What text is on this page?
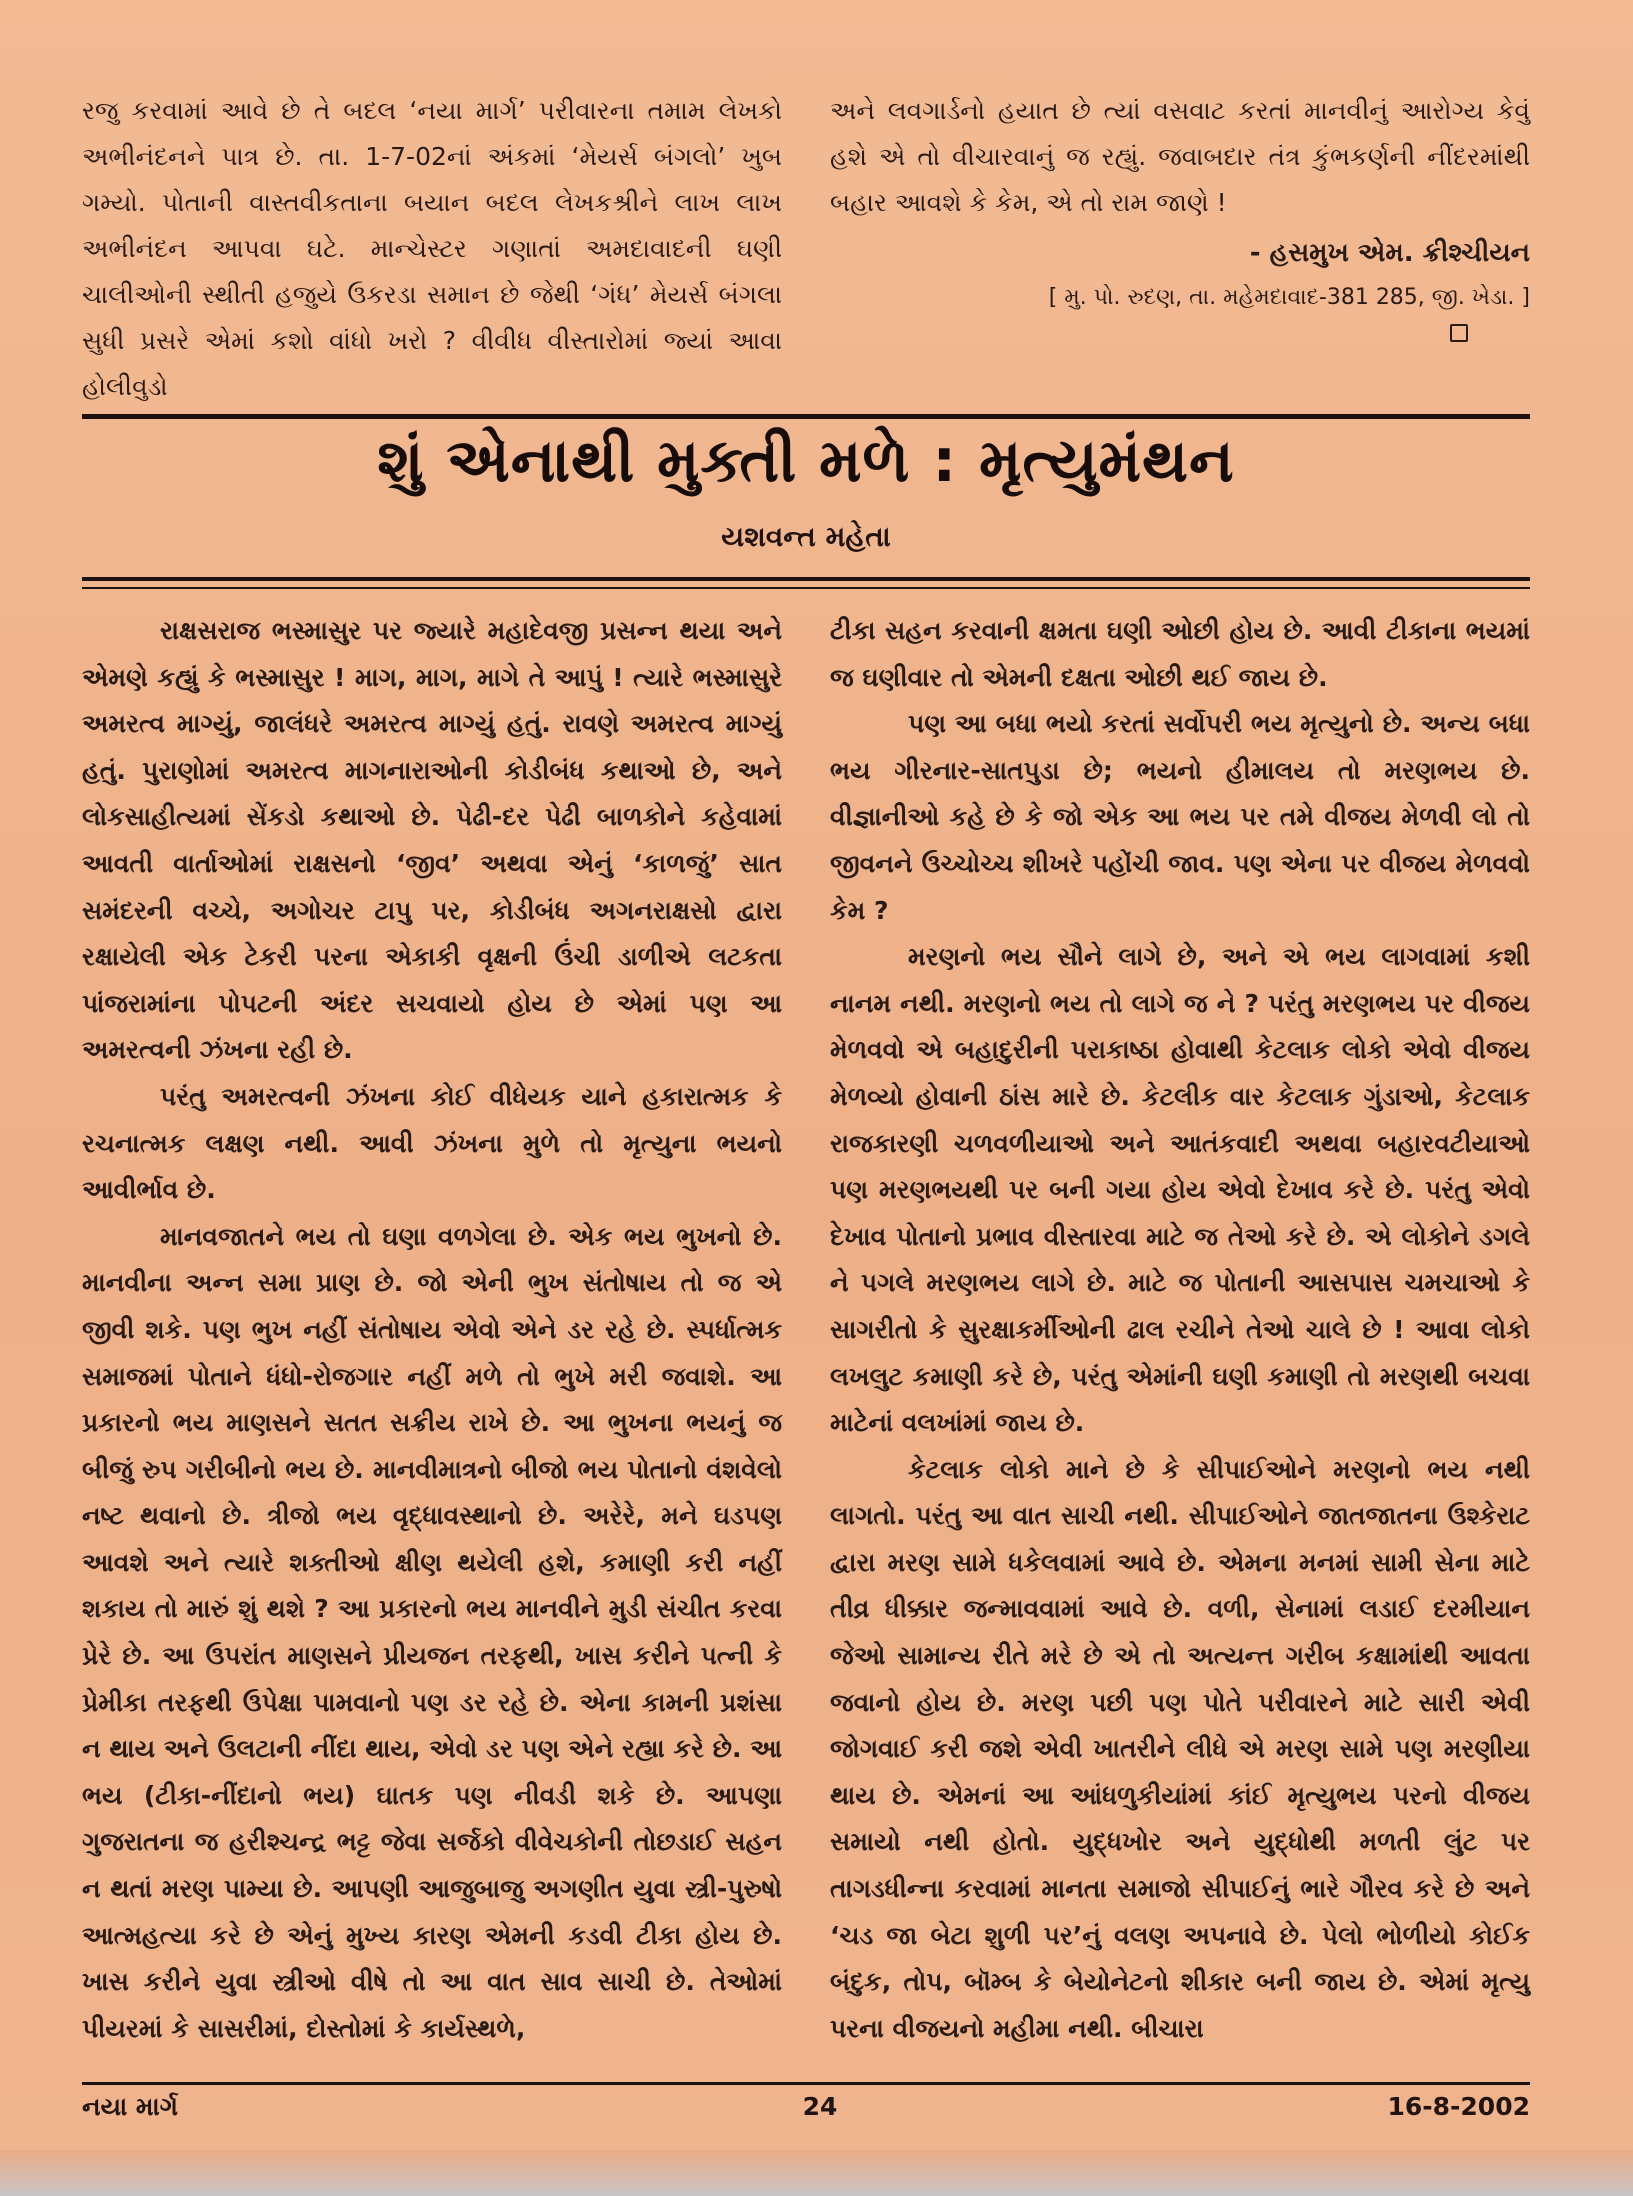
રજુ કરવામાં આવે છે તે બદલ ‘નયા માર્ગ’ પરીવારના તમામ લેખકો અભીનંદનને પાત્ર છે. તા. 1-7-02નાં અંકમાં ‘મેયર્સ બંગલો’ ખુબ ગમ્યો. પોતાની વાસ્તવીકતાના બયાન બદલ લેખકશ્રીને લાખ લાખ અભીનંદન આપવા ઘટે. માન્ચેસ્ટર ગણાતાં અમદાવાદની ઘણી ચાલીઓની સ્થીતી હજુયે ઉકરડા સમાન છે જેથી ‘ગંધ’ મેયર્સ બંગલા સુધી પ્રસરે એમાં કશો વાંધો ખરો ? વીવીધ વીસ્તારોમાં જ્યાં આવા હોલીવુડો

અને લવગાર્ડનો હયાત છે ત્યાં વસવાટ કરતાં માનવીનું આરોગ્ય કેવું હશે એ તો વીચારવાનું જ રહ્યું. જવાબદાર તંત્ર કુંભકર્ણની નીંદરમાંથી બહાર આવશે કે કેમ, એ તો રામ જાણે !

- હસમુખ એમ. ક્રીશ્ચીયન
[ મુ. પો. રુદણ, તા. મહેમદાવાદ-381 285, જી. ખેડા. ]
શું એનાથી મુક્તી મળે : મૃત્યુમંથન
યશવન્ત મહેતા

રાક્ષસરાજ ભસ્માસુર પર જ્યારે મહાદેવજી પ્રસન્ન થયા અને એમણે કહ્યું કે ભસ્માસુર ! માગ, માગ, માગે તે આપું ! ત્યારે ભસ્માસુરે અમરત્વ માગ્યું, જાલંધરે અમરત્વ માગ્યું હતું. રાવણે અમરત્વ માગ્યું હતું. પુરાણોમાં અમરત્વ માગનારાઓની કોડીબંધ કથાઓ છે, અને લોકસાહીત્યમાં સેંકડો કથાઓ છે. પેઢી-દર પેઢી બાળકોને કહેવામાં આવતી વાર્તાઓમાં રાક્ષસનો ‘જીવ’ અથવા એનું ‘કાળજું’ સાત સમંદરની વચ્ચે, અગોચર ટાપુ પર, કોડીબંધ અગનરાક્ષસો દ્વારા રક્ષાયેલી એક ટેકરી પરના એકાકી વૃક્ષની ઉંચી ડાળીએ લટકતા પાંજરામાંના પોપટની અંદર સચવાયો હોય છે એમાં પણ આ અમરત્વની ઝંખના રહી છે.

પરંતુ અમરત્વની ઝંખના કોઈ વીધેયક યાને હકારાત્મક કે રચનાત્મક લક્ષણ નથી. આવી ઝંખના મુળે તો મૃત્યુના ભયનો આવીર્ભાવ છે.

માનવજાતને ભય તો ઘણા વળગેલા છે. એક ભય ભુખનો છે. માનવીના અન્ન સમા પ્રાણ છે. જો એની ભુખ સંતોષાય તો જ એ જીવી શકે. પણ ભુખ નહીં સંતોષાય એવો એને ડર રહે છે. સ્પર્ધાત્મક સમાજમાં પોતાને ધંધો-રોજગાર નહીં મળે તો ભુખે મરી જવાશે. આ પ્રકારનો ભય માણસને સતત સક્રીય રાખે છે. આ ભુખના ભયનું જ બીજું રુપ ગરીબીનો ભય છે. માનવીમાત્રનો બીજો ભય પોતાનો વંશવેલો નષ્ટ થવાનો છે. ત્રીજો ભય વૃદ્ધાવસ્થાનો છે. અરેરે, મને ઘડપણ આવશે અને ત્યારે શક્તીઓ ક્ષીણ થયેલી હશે, કમાણી કરી નહીં શકાય તો મારું શું થશે ? આ પ્રકારનો ભય માનવીને મુડી સંચીત કરવા પ્રેરે છે. આ ઉપરાંત માણસને પ્રીયજન તરફથી, ખાસ કરીને પત્ની કે પ્રેમીકા તરફથી ઉપેક્ષા પામવાનો પણ ડર રહે છે. એના કામની પ્રશંસા ન થાય અને ઉલટાની નીંદા થાય, એવો ડર પણ એને રહ્યા કરે છે. આ ભય (ટીકા-નીંદાનો ભય) ઘાતક પણ નીવડી શકે છે. આપણા ગુજરાતના જ હરીશ્ચન્દ્ર ભટ્ટ જેવા સર્જકો વીવેચકોની તોછડાઈ સહન ન થતાં મરણ પામ્યા છે. આપણી આજુબાજુ અગણીત યુવા સ્ત્રી-પુરુષો આત્મહત્યા કરે છે એનું મુખ્ય કારણ એમની કડવી ટીકા હોય છે. ખાસ કરીને યુવા સ્ત્રીઓ વીષે તો આ વાત સાવ સાચી છે. તેઓમાં પીયરમાં કે સાસરીમાં, દોસ્તોમાં કે કાર્યસ્થળે,

ટીકા સહન કરવાની ક્ષમતા ઘણી ઓછી હોય છે. આવી ટીકાના ભયમાં જ ઘણીવાર તો એમની દક્ષતા ઓછી થઈ જાય છે.

પણ આ બધા ભયો કરતાં સર્વોપરી ભય મૃત્યુનો છે. અન્ય બધા ભય ગીરનાર-સાતપુડા છે; ભયનો હીમાલય તો મરણભય છે. વીજ્ઞાનીઓ કહે છે કે જો એક આ ભય પર તમે વીજય મેળવી લો તો જીવનને ઉચ્ચોચ્ચ શીખરે પહોંચી જાવ. પણ એના પર વીજય મેળવવો કેમ ?

મરણનો ભય સૌને લાગે છે, અને એ ભય લાગવામાં કશી નાનમ નથી. મરણનો ભય તો લાગે જ ને ? પરંતુ મરણભય પર વીજય મેળવવો એ બહાદુરીની પરાકાષ્ઠા હોવાથી કેટલાક લોકો એવો વીજય મેળવ્યો હોવાની ઠાંસ મારે છે. કેટલીક વાર કેટલાક ગુંડાઓ, કેટલાક રાજકારણી ચળવળીયાઓ અને આતંકવાદી અથવા બહારવટીયાઓ પણ મરણભયથી પર બની ગયા હોય એવો દેખાવ કરે છે. પરંતુ એવો દેખાવ પોતાનો પ્રભાવ વીસ્તારવા માટે જ તેઓ કરે છે. એ લોકોને ડગલે ને પગલે મરણભય લાગે છે. માટે જ પોતાની આસપાસ ચમચાઓ કે સાગરીતો કે સુરક્ષાકર્મીઓની ઢાલ રચીને તેઓ ચાલે છે ! આવા લોકો લખલુટ કમાણી કરે છે, પરંતુ એમાંની ઘણી કમાણી તો મરણથી બચવા માટેનાં વલખાંમાં જાય છે.

કેટલાક લોકો માને છે કે સીપાઈઓને મરણનો ભય નથી લાગતો. પરંતુ આ વાત સાચી નથી. સીપાઈઓને જાતજાતના ઉશ્કેરાટ દ્વારા મરણ સામે ધકેલવામાં આવે છે. એમના મનમાં સામી સેના માટે તીવ્ર ધીક્કાર જન્માવવામાં આવે છે. વળી, સેનામાં લડાઈ દરમીયાન જેઓ સામાન્ય રીતે મરે છે એ તો અત્યન્ત ગરીબ કક્ષામાંથી આવતા જવાનો હોય છે. મરણ પછી પણ પોતે પરીવારને માટે સારી એવી જોગવાઈ કરી જશે એવી ખાતરીને લીધે એ મરણ સામે પણ મરણીયા થાય છે. એમનાં આ આંધળુકીયાંમાં કાંઈ મૃત્યુભય પરનો વીજય સમાયો નથી હોતો. યુદ્ધખોર અને યુદ્ધોથી મળતી લુંટ પર તાગડધીન્ના કરવામાં માનતા સમાજો સીપાઈનું ભારે ગૌરવ કરે છે અને ‘ચડ જા બેટા શુળી પર’નું વલણ અપનાવે છે. પેલો ભોળીયો કોઈક બંદુક, તોપ, બૉમ્બ કે બેયોનેટનો શીકાર બની જાય છે. એમાં મૃત્યુ પરના વીજયનો મહીમા નથી. બીચારા

નયા માર્ગ	24	16-8-2002
